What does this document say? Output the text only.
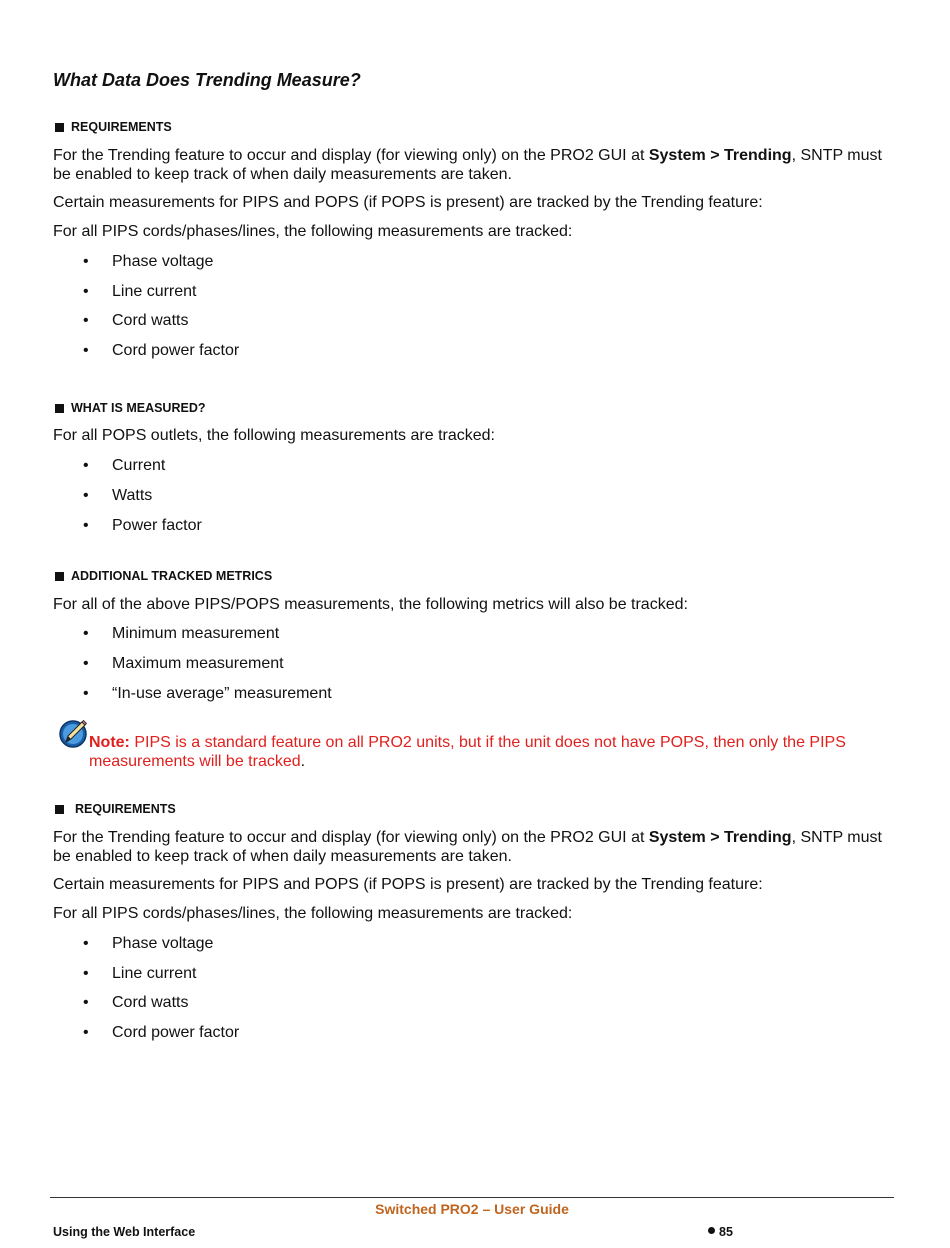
What Data Does Trending Measure?
REQUIREMENTS

For the Trending feature to occur and display (for viewing only) on the PRO2 GUI at System > Trending, SNTP must be enabled to keep track of when daily measurements are taken.

Certain measurements for PIPS and POPS (if POPS is present) are tracked by the Trending feature:

For all PIPS cords/phases/lines, the following measurements are tracked:

• Phase voltage
• Line current
• Cord watts
• Cord power factor
WHAT IS MEASURED?

For all POPS outlets, the following measurements are tracked:

• Current
• Watts
• Power factor
ADDITIONAL TRACKED METRICS

For all of the above PIPS/POPS measurements, the following metrics will also be tracked:

• Minimum measurement
• Maximum measurement
• “In-use average” measurement
Note: PIPS is a standard feature on all PRO2 units, but if the unit does not have POPS, then only the PIPS measurements will be tracked.
REQUIREMENTS

For the Trending feature to occur and display (for viewing only) on the PRO2 GUI at System > Trending, SNTP must be enabled to keep track of when daily measurements are taken.

Certain measurements for PIPS and POPS (if POPS is present) are tracked by the Trending feature:

For all PIPS cords/phases/lines, the following measurements are tracked:

• Phase voltage
• Line current
• Cord watts
• Cord power factor
Switched PRO2 – User Guide
Using the Web Interface	85
